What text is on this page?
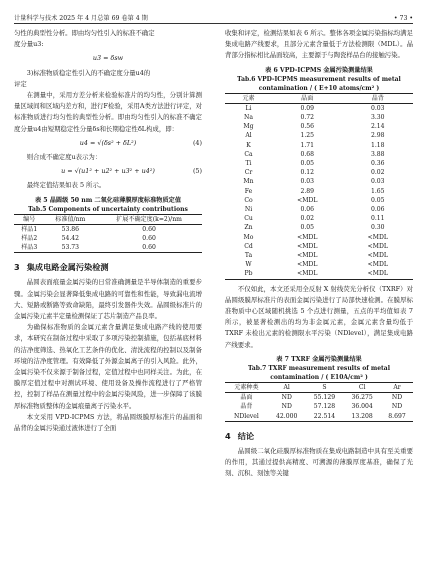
计量科学与技术 2025 年 4 月总第 69 卷第 4 期	• 73 •

匀性的典型性分析。即由均匀性引入的标准不确定

度分量u3:

u3 = δsw

3)标准物质稳定性引入的不确定度分量u4的

评定

在测量中，采用方差分析来检验标准片的均匀性，分别计算测量区域间和区域内差方和，进行F检验，采用A类方法进行评定，对标准物质进行均匀性的典型性分析。即由均匀性引入的标准不确定度分量u4由短期稳定性分量δs和长期稳定性δL构成，即：

u4 = √(δs² + δL²)	(4)

则合成不确定度u表示为：

u = √(u1² + u2² + u3² + u4²)	(5)

最终定值结果如表 5 所示。

表 5 晶圆级 50 nm 二氧化硅薄膜厚度标准物质定值
Tab.5 Components of uncertainty contributions
编号	标准值/nm	扩展不确定度(k=2)/nm
样品1	53.86	0.60
样品2	54.42	0.60
样品3	53.73	0.60
3 集成电路金属污染检测

晶圆表面痕量金属污染的日常准确测量是半导体制造的重要步骤。金属污染会显著降低集成电路的可靠性和性能，导致漏电流增大、短路或断路等致命缺陷，最终引发器件失效。晶圆级标准片的金属污染元素半定量检测保证了芯片制造产品良率。

为确保标准物质的金属元素含量满足集成电路产线的使用要求，本研究在制备过程中采取了多项污染控制措施，包括基底材料的洁净度筛选、热氧化工艺条件的优化、清洗流程的控制以及制备环境的洁净度管理。有效降低了外源金属离子的引入风险。此外，金属污染不仅来源于制备过程，定值过程中也同样关注。为此，在膜厚定值过程中对测试环境、使用设备及操作流程进行了严格管控，控制了样品在测量过程中的金属污染风险，进一步保障了该膜厚标准物质整体的金属痕量离子污染水平。

本文采用 VPD-ICPMS 方法，将晶圆级膜厚标准片的晶面和晶背的金属污染通过液体进行了全面

收集和评定，检测结果如表 6 所示。整体各项金属污染指标均满足集成电路产线要求，且部分元素含量低于方法检测限（MDL）。晶背部分指标相比晶面较高，主要源于与陶瓷样品台的接触污染。

表 6 VPD-ICPMS 金属污染测量结果
Tab.6 VPD-ICPMS measurement results of metal contamination / ( E+10 atoms/cm² )
元素	晶面	晶背
Li	0.09	0.03
Na	0.72	3.30
Mg	0.56	2.14
Al	1.25	2.98
K	1.71	1.18
Ca	0.68	3.88
Ti	0.05	0.36
Cr	0.12	0.02
Mn	0.03	0.03
Fe	2.89	1.65
Co	<MDL	0.05
Ni	0.06	0.06
Cu	0.02	0.11
Zn	0.05	0.30
Mo	<MDL	<MDL
Cd	<MDL	<MDL
Ta	<MDL	<MDL
W	<MDL	<MDL
Pb	<MDL	<MDL

不仅如此，本文还采用全反射 X 射线荧光分析仪（TXRF）对晶圆级膜厚标准片的表面金属污染进行了局部快速检测。在膜厚标准物质中心区域随机挑选 5 个点进行测量，五点的平均值如表 7 所示，被显著检测出的均为非金属元素，金属元素含量均低于 TXRF 未检出元素的检测限水平污染（NDlevel），满足集成电路产线要求。

表 7 TXRF 金属污染测量结果
Tab.7 TXRF measurement results of metal contamination / ( E10A/cm² )
元素种类	Al	S	Cl	Ar
晶面	ND	55.129	36.275	ND
晶背	ND	57.128	36.004	ND
NDlevel	42.000	22.514	13.208	8.697
4 结论

晶圆级二氧化硅膜厚标准物质在集成电路制造中具有至关重要的作用，其通过提供高精度、可溯源的薄膜厚度基准，确保了光刻、沉积、刻蚀等关键
